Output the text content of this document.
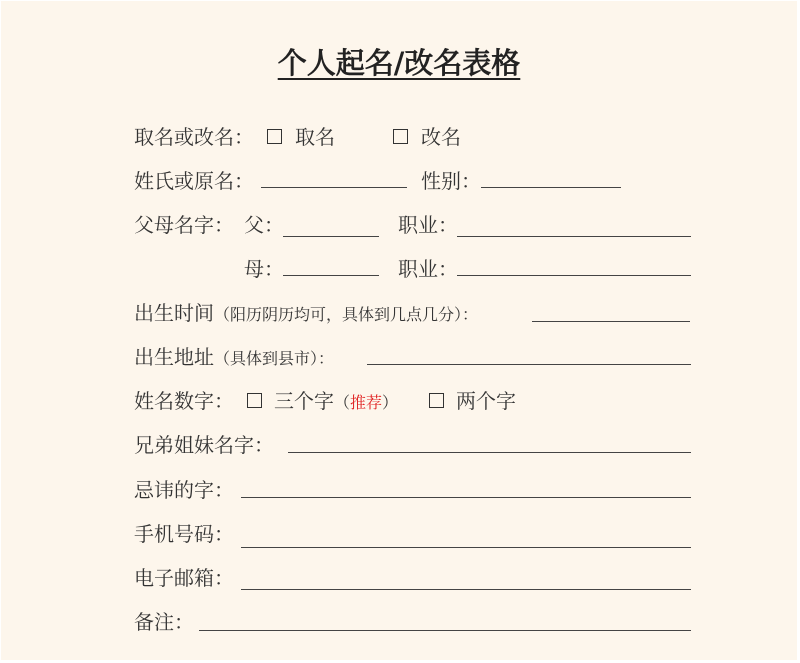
个人起名/改名表格
取名或改名： 取名	改名
姓氏或原名：	性别：
父母名字： 父：	职业：
母：	职业：
出生时间（阳历阴历均可，具体到几点几分）：
出生地址（具体到县市）：
姓名数字： 三个字（推荐）	两个字
兄弟姐妹名字：
忌讳的字：
手机号码：
电子邮箱：
备注：
